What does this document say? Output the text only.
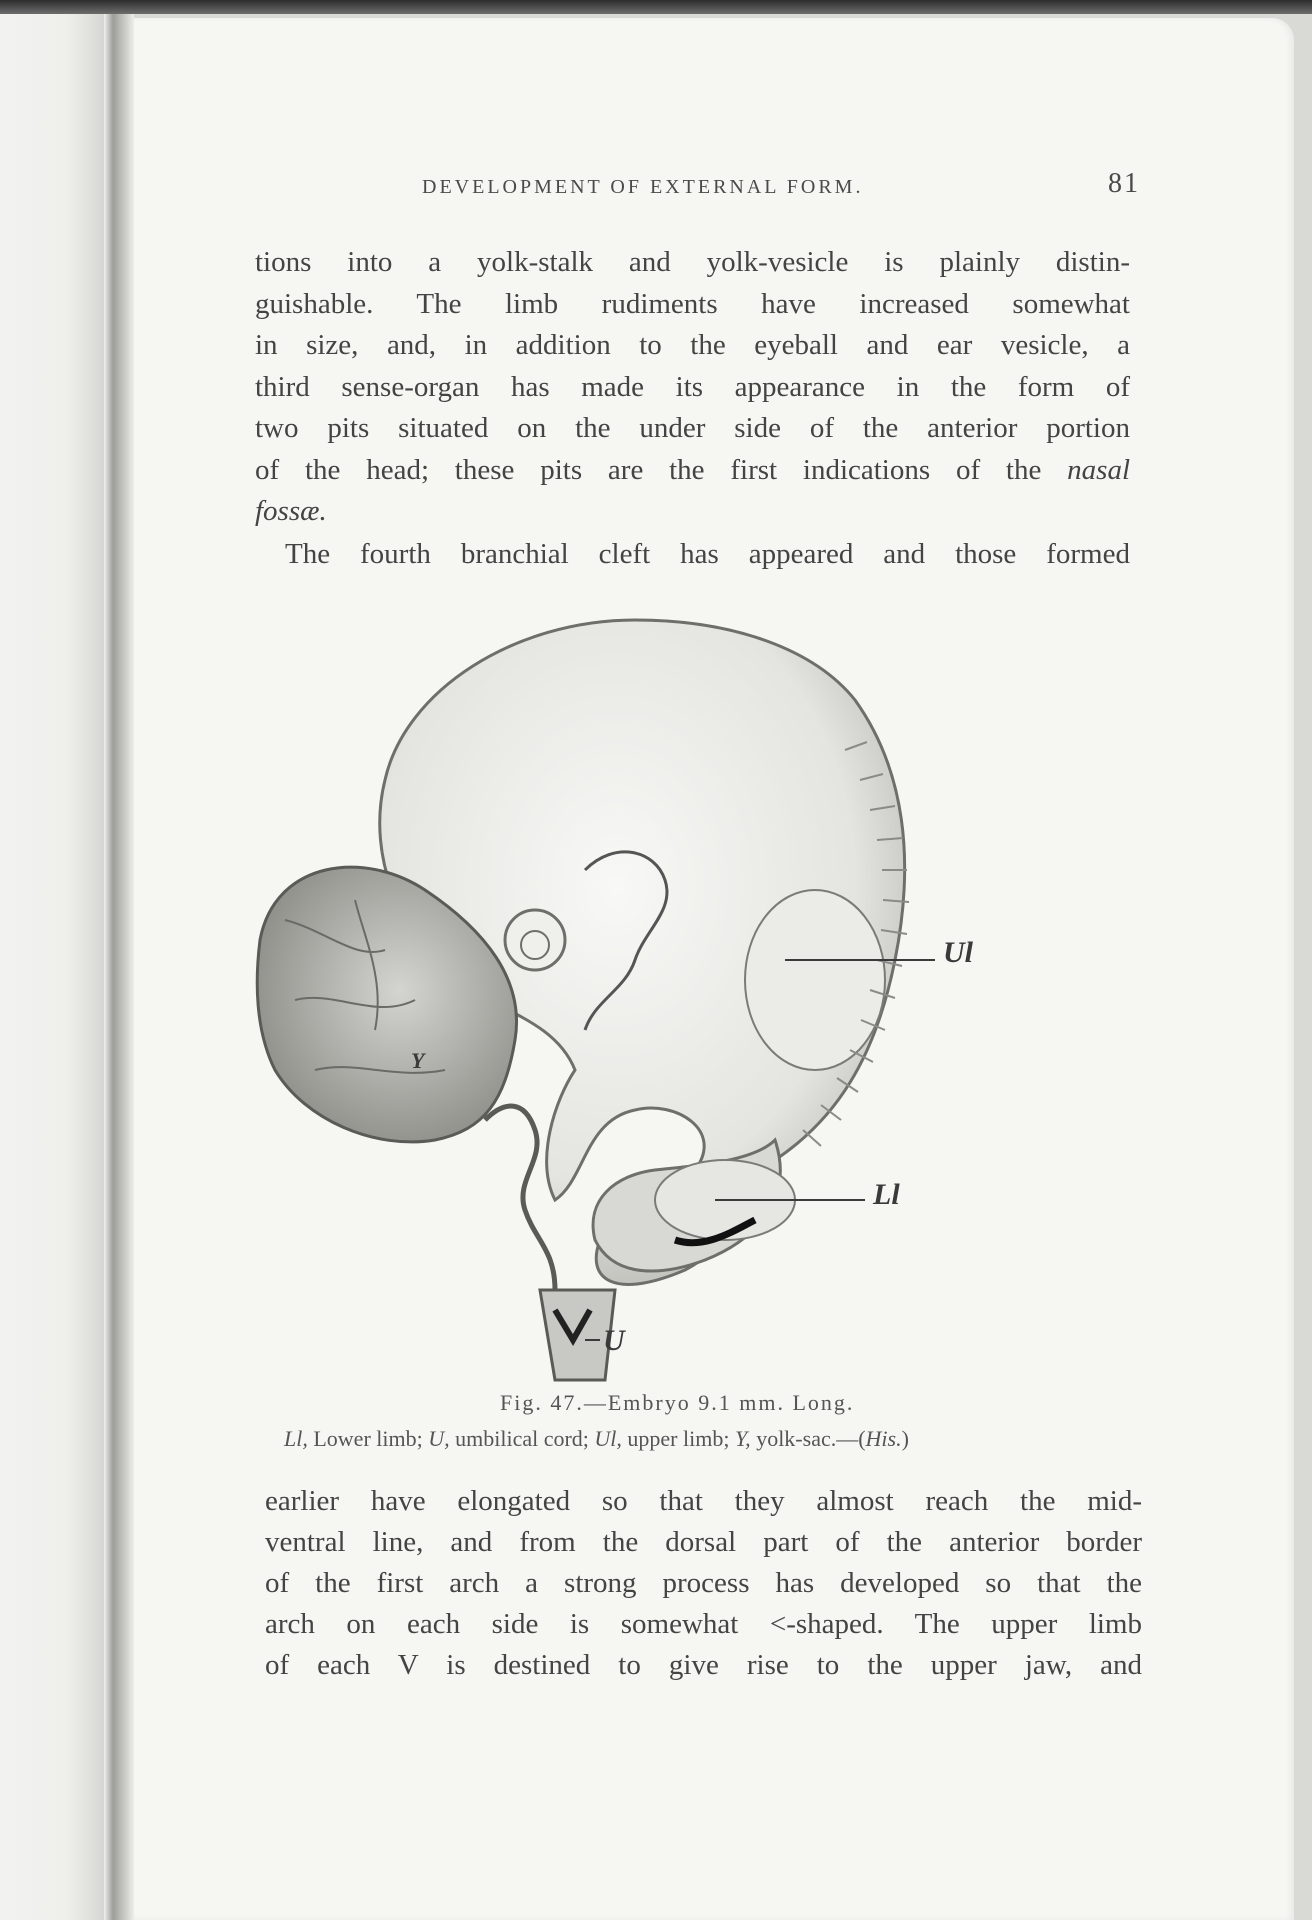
DEVELOPMENT OF EXTERNAL FORM.	81

tions into a yolk-stalk and yolk-vesicle is plainly distin-
guishable. The limb rudiments have increased somewhat
in size, and, in addition to the eyeball and ear vesicle, a
third sense-organ has made its appearance in the form of
two pits situated on the under side of the anterior portion
of the head; these pits are the first indications of the nasal
fossæ.

The fourth branchial cleft has appeared and those formed

Ul
Ll
U
Y
Fig. 47.—Embryo 9.1 mm. Long.
Ll, Lower limb; U, umbilical cord; Ul, upper limb; Y, yolk-sac.—(His.)

earlier have elongated so that they almost reach the mid-
ventral line, and from the dorsal part of the anterior border
of the first arch a strong process has developed so that the
arch on each side is somewhat <-shaped. The upper limb
of each V is destined to give rise to the upper jaw, and
